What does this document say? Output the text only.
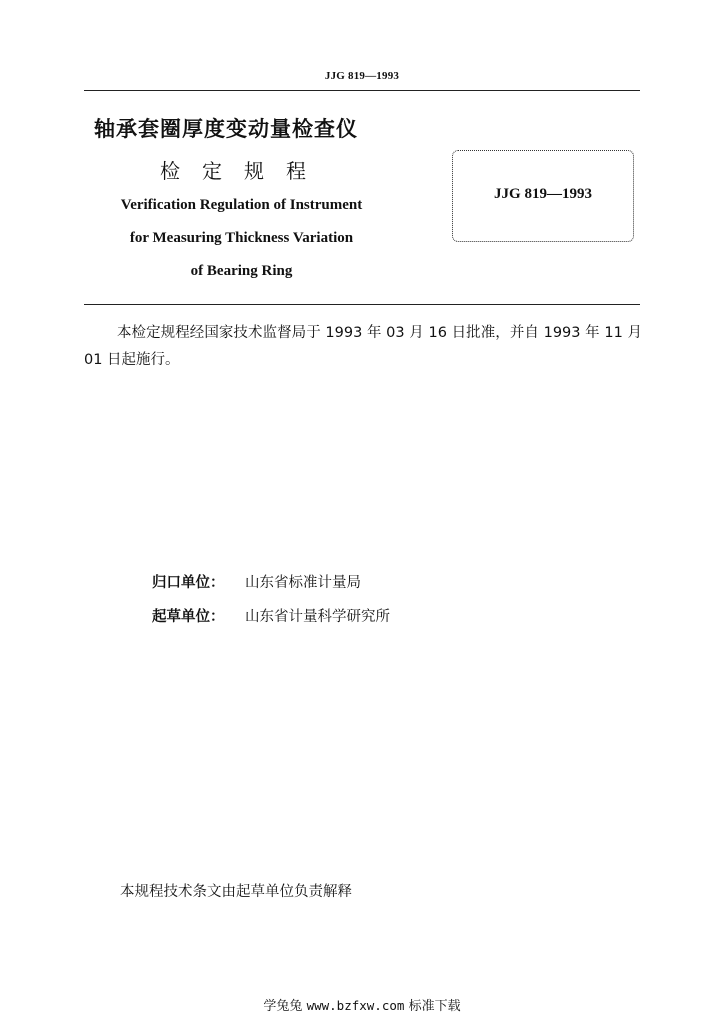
JJG 819—1993
轴承套圈厚度变动量检查仪
检定规程
Verification Regulation of Instrument
for Measuring Thickness Variation
of Bearing Ring
JJG 819—1993
本检定规程经国家技术监督局于 1993 年 03 月 16 日批准，并自 1993 年 11 月 01 日起施行。
归口单位： 山东省标准计量局
起草单位： 山东省计量科学研究所
本规程技术条文由起草单位负责解释
学兔兔 www.bzfxw.com 标准下载
